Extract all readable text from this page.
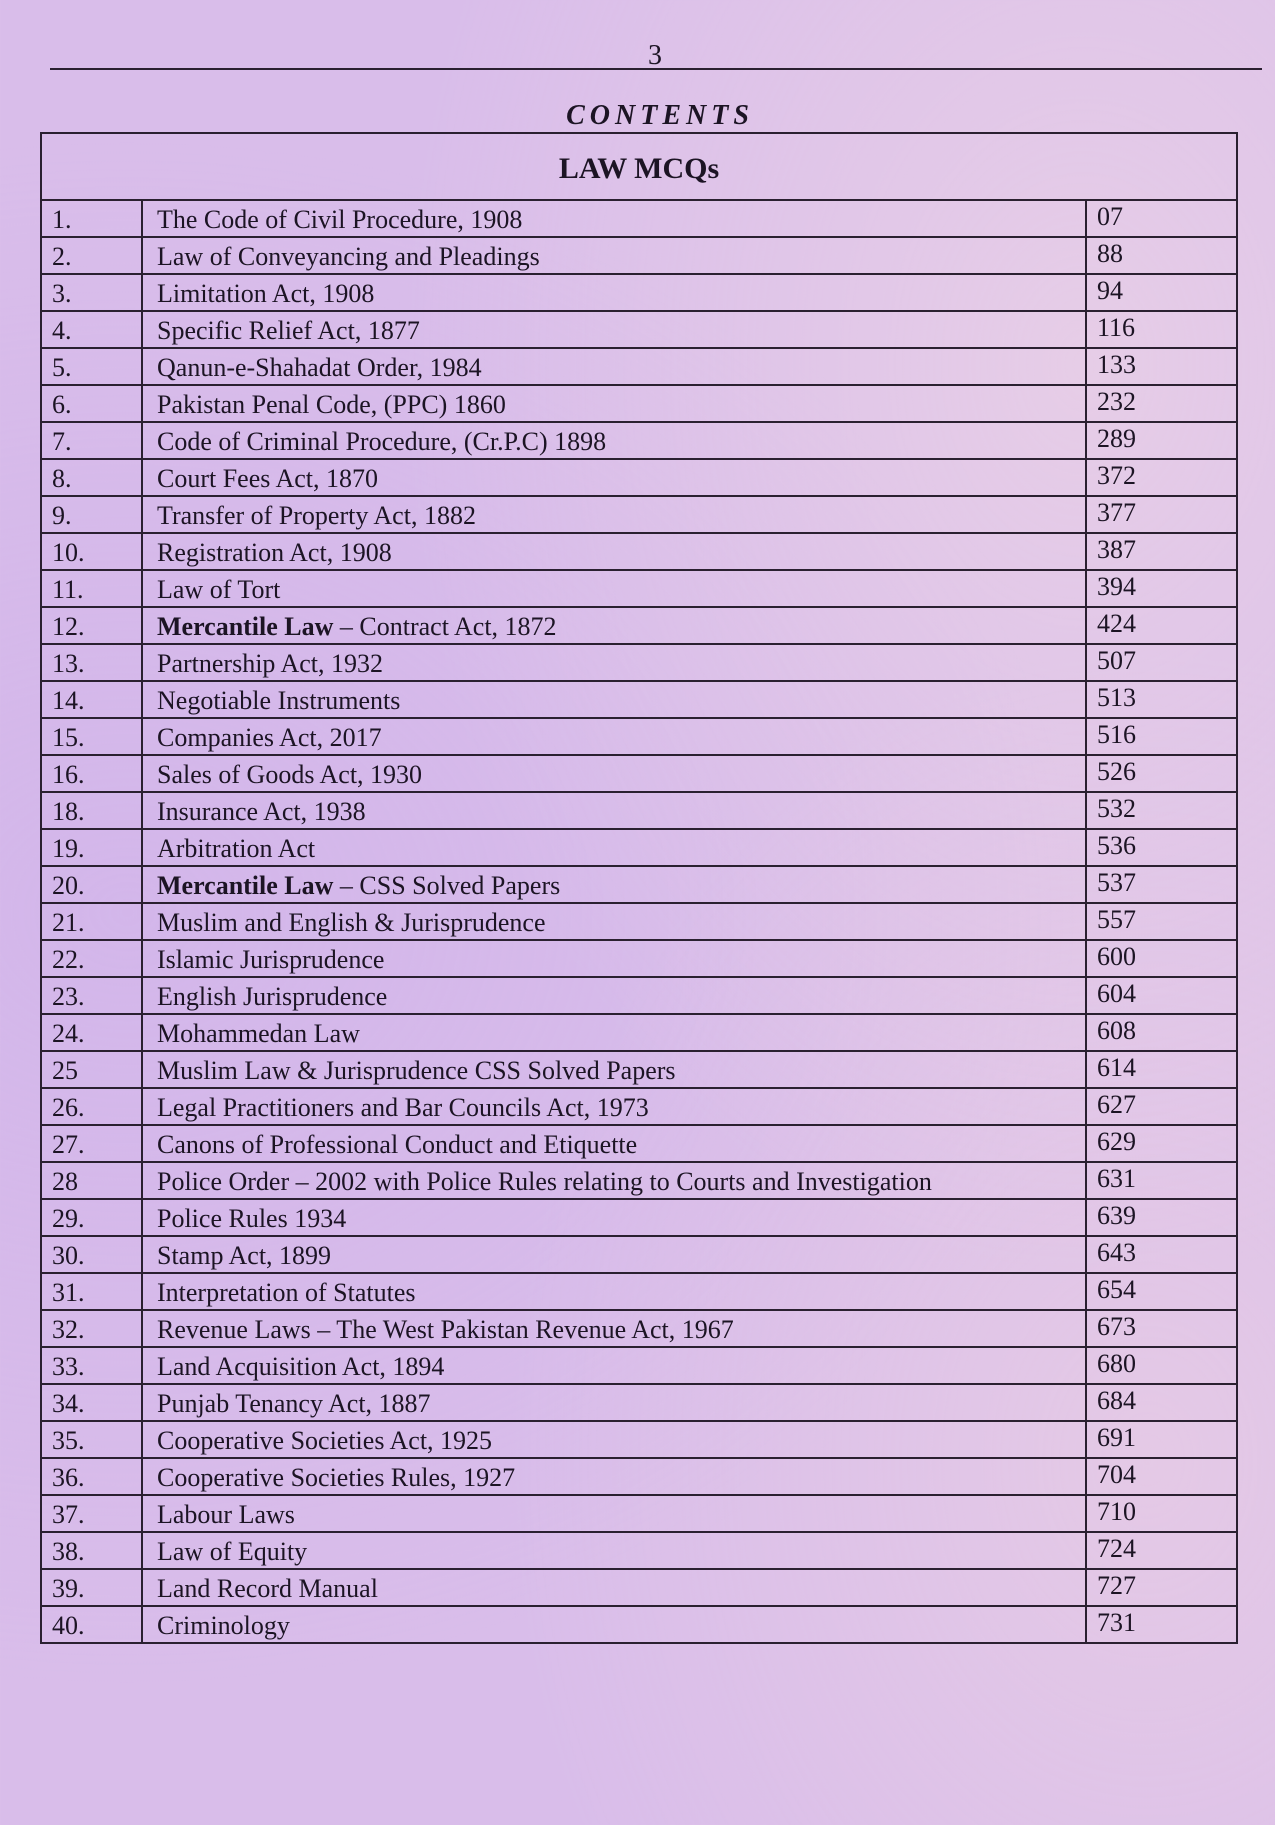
3
CONTENTS
LAW MCQs		
1.	The Code of Civil Procedure, 1908	07
2.	Law of Conveyancing and Pleadings	88
3.	Limitation Act, 1908	94
4.	Specific Relief Act, 1877	116
5.	Qanun-e-Shahadat Order, 1984	133
6.	Pakistan Penal Code, (PPC) 1860	232
7.	Code of Criminal Procedure, (Cr.P.C) 1898	289
8.	Court Fees Act, 1870	372
9.	Transfer of Property Act, 1882	377
10.	Registration Act, 1908	387
11.	Law of Tort	394
12.	Mercantile Law – Contract Act, 1872	424
13.	Partnership Act, 1932	507
14.	Negotiable Instruments	513
15.	Companies Act, 2017	516
16.	Sales of Goods Act, 1930	526
18.	Insurance Act, 1938	532
19.	Arbitration Act	536
20.	Mercantile Law – CSS Solved Papers	537
21.	Muslim and English & Jurisprudence	557
22.	Islamic Jurisprudence	600
23.	English Jurisprudence	604
24.	Mohammedan Law	608
25	Muslim Law & Jurisprudence CSS Solved Papers	614
26.	Legal Practitioners and Bar Councils Act, 1973	627
27.	Canons of Professional Conduct and Etiquette	629
28	Police Order – 2002 with Police Rules relating to Courts and Investigation	631
29.	Police Rules 1934	639
30.	Stamp Act, 1899	643
31.	Interpretation of Statutes	654
32.	Revenue Laws – The West Pakistan Revenue Act, 1967	673
33.	Land Acquisition Act, 1894	680
34.	Punjab Tenancy Act, 1887	684
35.	Cooperative Societies Act, 1925	691
36.	Cooperative Societies Rules, 1927	704
37.	Labour Laws	710
38.	Law of Equity	724
39.	Land Record Manual	727
40.	Criminology	731
